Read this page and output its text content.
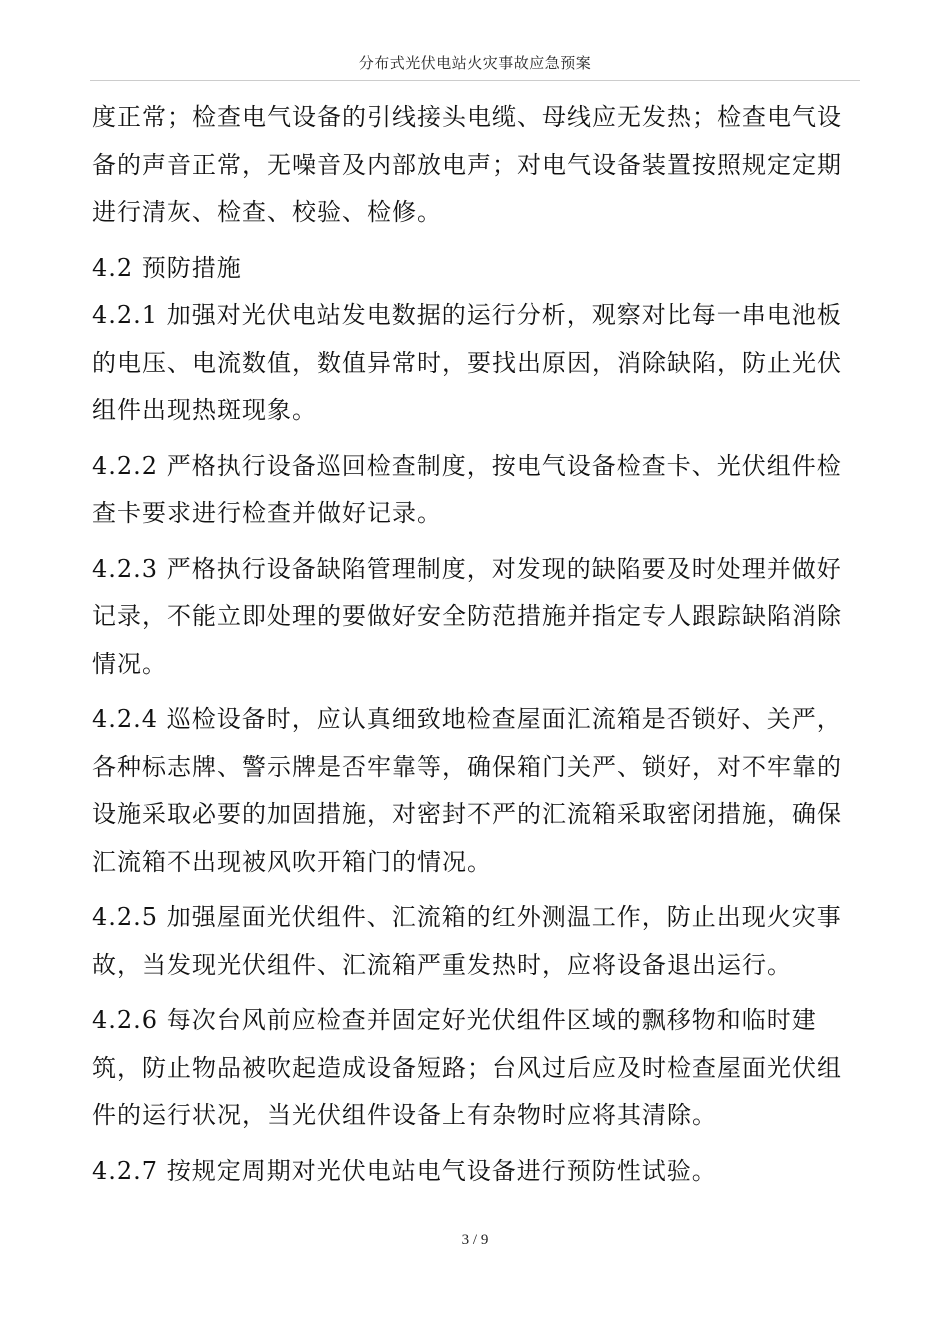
分布式光伏电站火灾事故应急预案
度正常；检查电气设备的引线接头电缆、母线应无发热；检查电气设
备的声音正常，无噪音及内部放电声；对电气设备装置按照规定定期
进行清灰、检查、校验、检修。
4.2 预防措施
4.2.1 加强对光伏电站发电数据的运行分析，观察对比每一串电池板
的电压、电流数值，数值异常时，要找出原因，消除缺陷，防止光伏
组件出现热斑现象。
4.2.2 严格执行设备巡回检查制度，按电气设备检查卡、光伏组件检
查卡要求进行检查并做好记录。
4.2.3 严格执行设备缺陷管理制度，对发现的缺陷要及时处理并做好
记录，不能立即处理的要做好安全防范措施并指定专人跟踪缺陷消除
情况。
4.2.4 巡检设备时，应认真细致地检查屋面汇流箱是否锁好、关严，
各种标志牌、警示牌是否牢靠等，确保箱门关严、锁好，对不牢靠的
设施采取必要的加固措施，对密封不严的汇流箱采取密闭措施，确保
汇流箱不出现被风吹开箱门的情况。
4.2.5 加强屋面光伏组件、汇流箱的红外测温工作，防止出现火灾事
故，当发现光伏组件、汇流箱严重发热时，应将设备退出运行。
4.2.6 每次台风前应检查并固定好光伏组件区域的飘移物和临时建
筑，防止物品被吹起造成设备短路；台风过后应及时检查屋面光伏组
件的运行状况，当光伏组件设备上有杂物时应将其清除。
4.2.7 按规定周期对光伏电站电气设备进行预防性试验。
3 / 9
